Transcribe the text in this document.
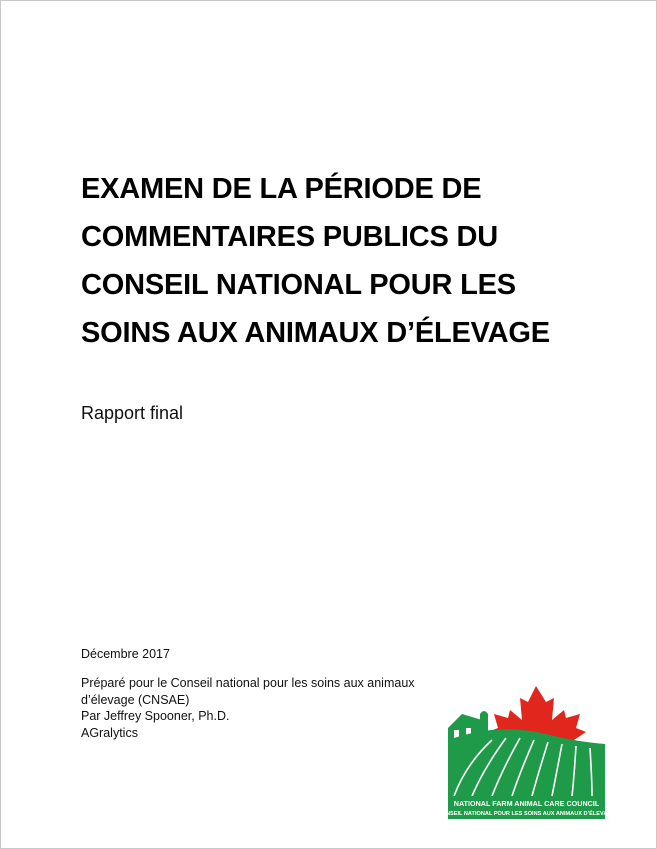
EXAMEN DE LA PÉRIODE DE
COMMENTAIRES PUBLICS DU
CONSEIL NATIONAL POUR LES
SOINS AUX ANIMAUX D’ÉLEVAGE

Rapport final

Décembre 2017

Préparé pour le Conseil national pour les soins aux animaux
d’élevage (CNSAE)
Par Jeffrey Spooner, Ph.D.
AGralytics

NATIONAL FARM ANIMAL CARE COUNCIL
CONSEIL NATIONAL POUR LES SOINS AUX ANIMAUX D’ÉLEVAGE
